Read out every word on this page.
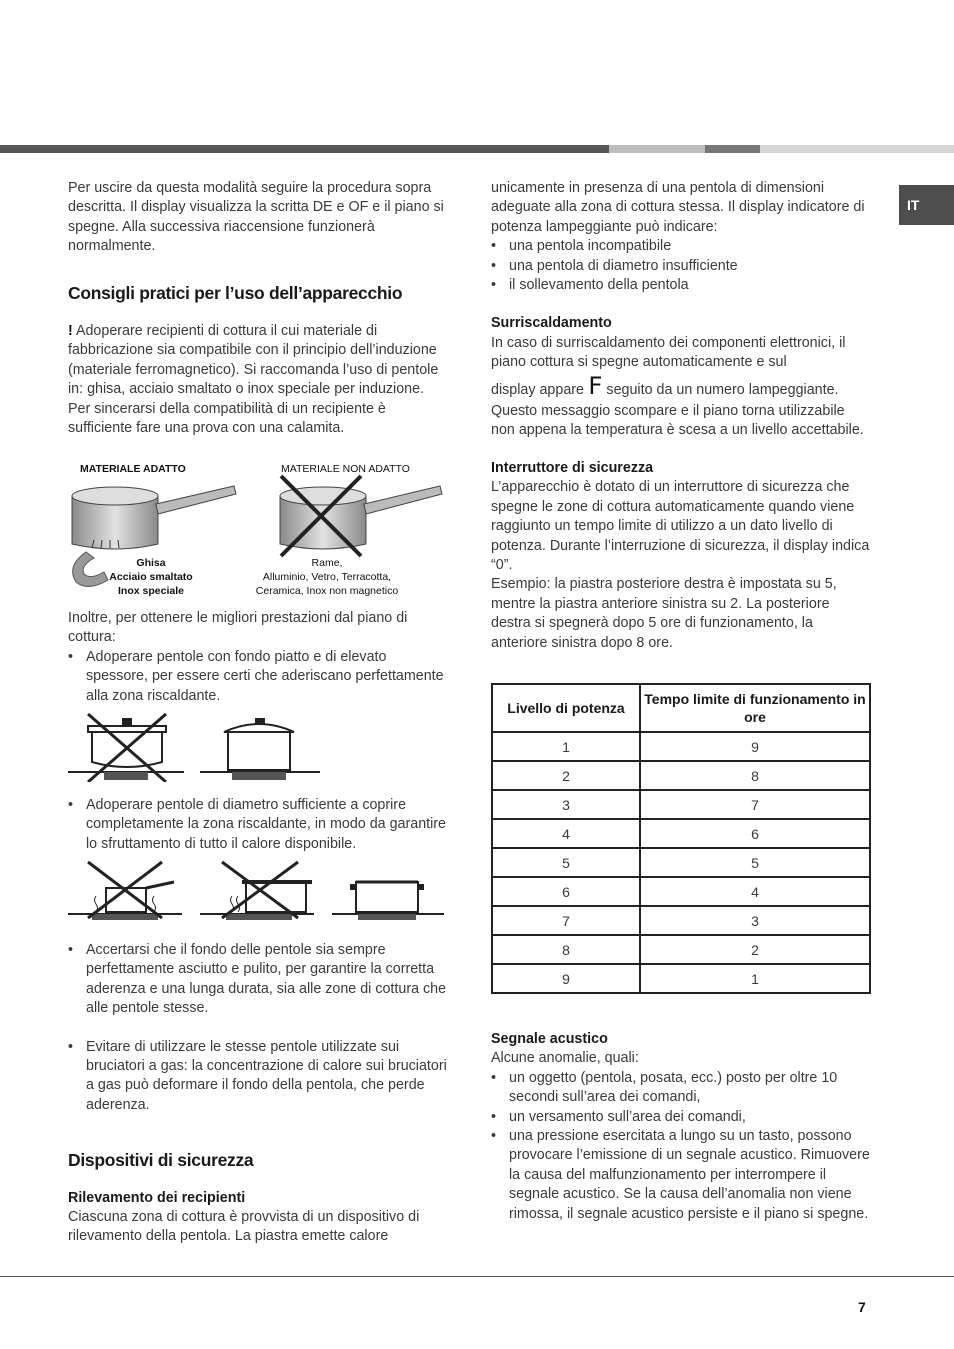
IT

Per uscire da questa modalità seguire la procedura sopra descritta. Il display visualizza la scritta DE e OF e il piano si spegne. Alla successiva riaccensione funzionerà normalmente.

Consigli pratici per l’uso dell’apparecchio

! Adoperare recipienti di cottura il cui materiale di fabbricazione sia compatibile con il principio dell’induzione (materiale ferromagnetico). Si raccomanda l’uso di pentole in: ghisa, acciaio smaltato o inox speciale per induzione. Per sincerarsi della compatibilità di un recipiente è sufficiente fare una prova con una calamita.

MATERIALE ADATTO	MATERIALE NON ADATTO
Ghisa
Acciaio smaltato
Inox speciale
Rame,
Alluminio, Vetro, Terracotta,
Ceramica, Inox non magnetico

Inoltre, per ottenere le migliori prestazioni dal piano di cottura:

• Adoperare pentole con fondo piatto e di elevato spessore, per essere certi che aderiscano perfettamente alla zona riscaldante.
• Adoperare pentole di diametro sufficiente a coprire completamente la zona riscaldante, in modo da garantire lo sfruttamento di tutto il calore disponibile.
• Accertarsi che il fondo delle pentole sia sempre perfettamente asciutto e pulito, per garantire la corretta aderenza e una lunga durata, sia alle zone di cottura che alle pentole stesse.
• Evitare di utilizzare le stesse pentole utilizzate sui bruciatori a gas: la concentrazione di calore sui bruciatori a gas può deformare il fondo della pentola, che perde aderenza.
Dispositivi di sicurezza

Rilevamento dei recipienti

Ciascuna zona di cottura è provvista di un dispositivo di rilevamento della pentola. La piastra emette calore

unicamente in presenza di una pentola di dimensioni adeguate alla zona di cottura stessa. Il display indicatore di potenza lampeggiante può indicare:

• una pentola incompatibile
• una pentola di diametro insufficiente
• il sollevamento della pentola

Surriscaldamento

In caso di surriscaldamento dei componenti elettronici, il piano cottura si spegne automaticamente e sul

display appare F seguito da un numero lampeggiante.

Questo messaggio scompare e il piano torna utilizzabile non appena la temperatura è scesa a un livello accettabile.

Interruttore di sicurezza

L’apparecchio è dotato di un interruttore di sicurezza che spegne le zone di cottura automaticamente quando viene raggiunto un tempo limite di utilizzo a un dato livello di potenza. Durante l’interruzione di sicurezza, il display indica “0”.

Esempio: la piastra posteriore destra è impostata su 5, mentre la piastra anteriore sinistra su 2. La posteriore destra si spegnerà dopo 5 ore di funzionamento, la anteriore sinistra dopo 8 ore.

Livello di potenza	Tempo limite di funzionamento in ore
1	9
2	8
3	7
4	6
5	5
6	4
7	3
8	2
9	1

Segnale acustico

Alcune anomalie, quali:

• un oggetto (pentola, posata, ecc.) posto per oltre 10 secondi sull’area dei comandi,
• un versamento sull’area dei comandi,
• una pressione esercitata a lungo su un tasto, possono provocare l’emissione di un segnale acustico. Rimuovere la causa del malfunzionamento per interrompere il segnale acustico. Se la causa dell’anomalia non viene rimossa, il segnale acustico persiste e il piano si spegne.
7
